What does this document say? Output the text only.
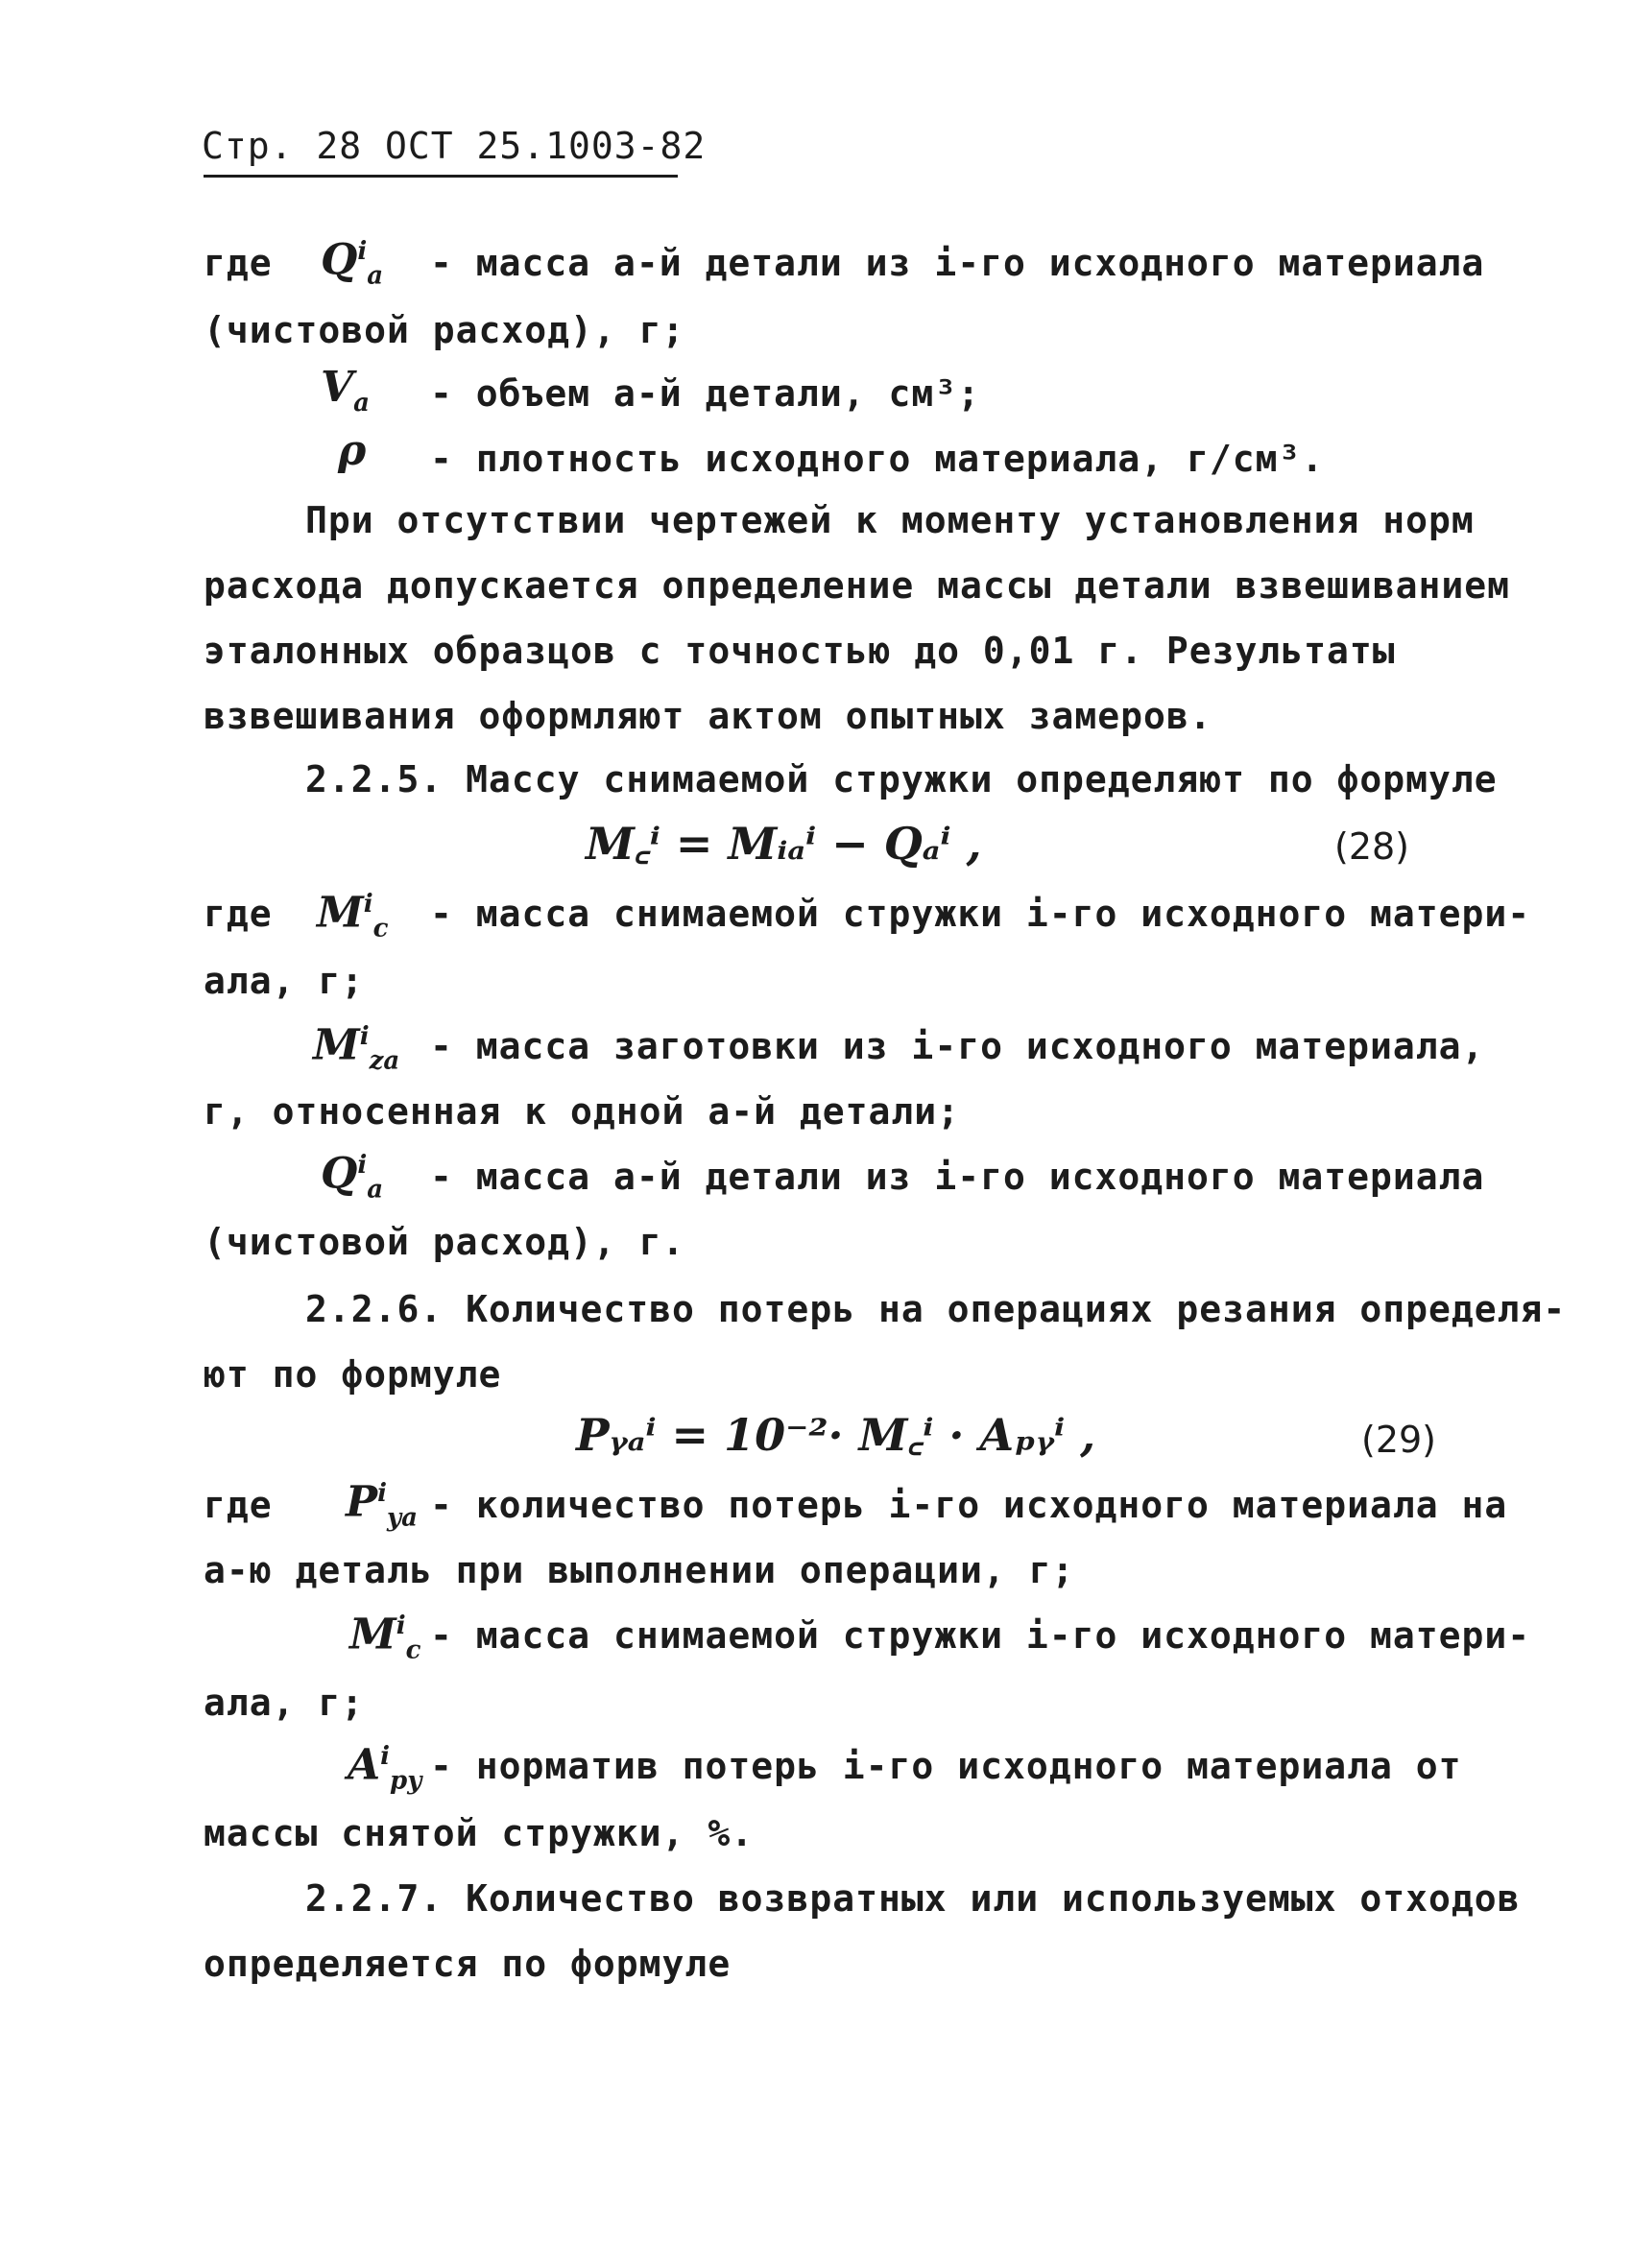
Стр. 28 ОСТ 25.1003-82
где $Q^i_a$ - масса a-й детали из i-го исходного материала
(чистовой расход), г;
$V_a$ - объем a-й детали, см³;
ρ - плотность исходного материала, г/см³.
При отсутствии чертежей к моменту установления норм
расхода допускается определение массы детали взвешиванием
эталонных образцов с точностью до 0,01 г. Результаты
взвешивания оформляют актом опытных замеров.
2.2.5. Массу снимаемой стружки определяют по формуле
M꜀ⁱ = Mᵢₐⁱ − Qₐⁱ ,	(28)
где $M^i_c$ - масса снимаемой стружки i-го исходного матери-
ала, г;
$M^i_{za}$ - масса заготовки из i-го исходного материала,
г, относенная к одной a-й детали;
$Q^i_a$ - масса a-й детали из i-го исходного материала
(чистовой расход), г.
2.2.6. Количество потерь на операциях резания определя-
ют по формуле
Pᵧₐⁱ = 10⁻²· M꜀ⁱ · Aₚᵧⁱ ,	(29)
где $P^i_{ya}$ - количество потерь i-го исходного материала на
a-ю деталь при выполнении операции, г;
$M^i_c$ - масса снимаемой стружки i-го исходного матери-
ала, г;
$A^i_{py}$ - норматив потерь i-го исходного материала от
массы снятой стружки, %.
2.2.7. Количество возвратных или используемых отходов
определяется по формуле
